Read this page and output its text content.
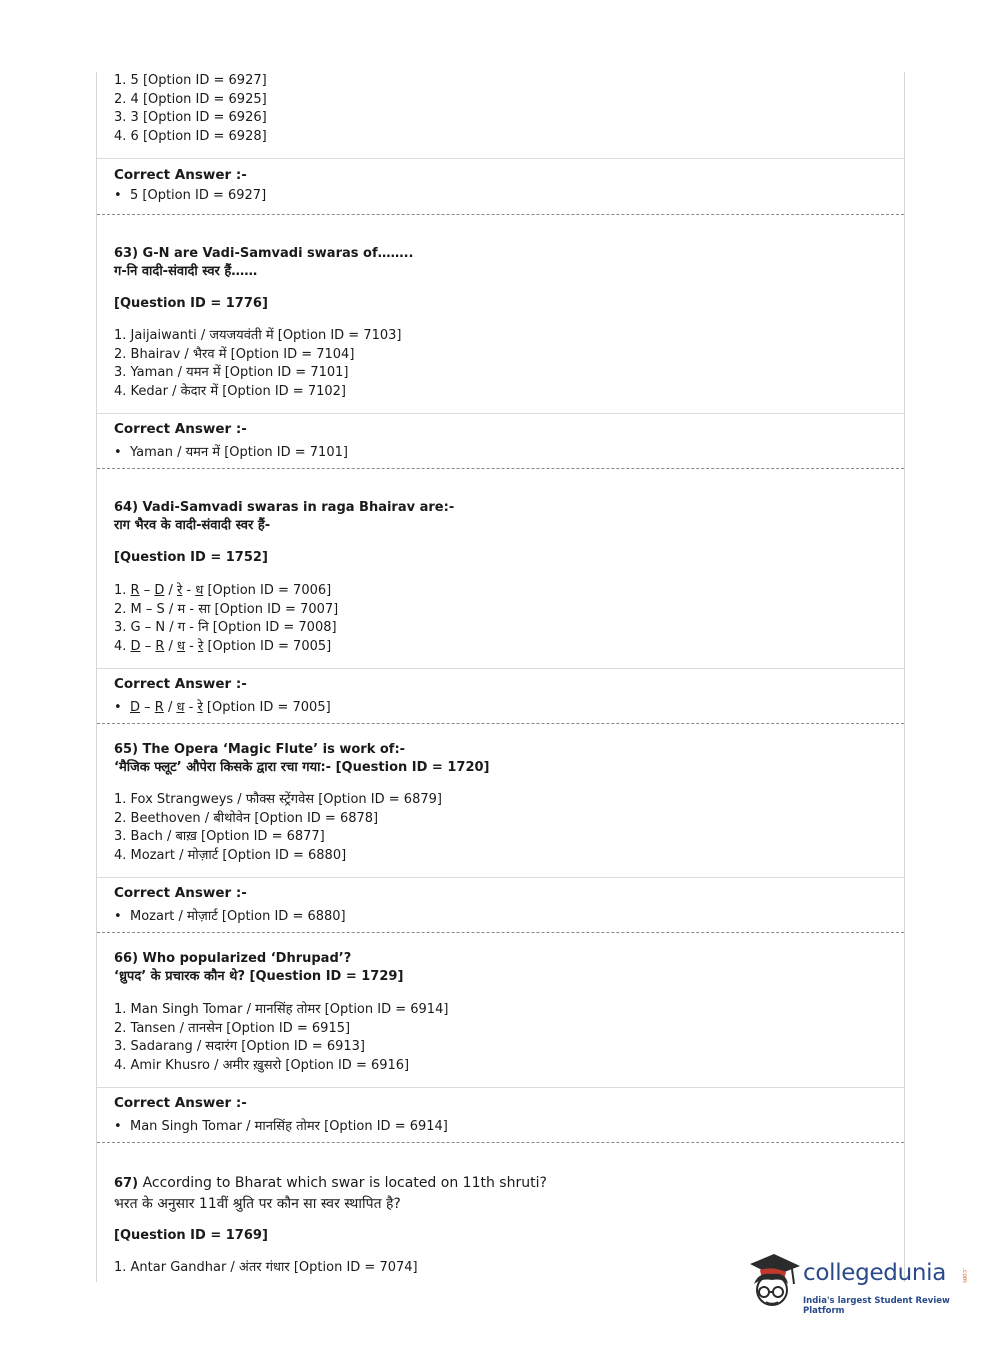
1. 5 [Option ID = 6927]
2. 4 [Option ID = 6925]
3. 3 [Option ID = 6926]
4. 6 [Option ID = 6928]
Correct Answer :-
• 5 [Option ID = 6927]
63) G-N are Vadi-Samvadi swaras of……..
ग-नि वादी-संवादी स्वर हैं……
[Question ID = 1776]
1. Jaijaiwanti / जयजयवंती में [Option ID = 7103]
2. Bhairav / भैरव में [Option ID = 7104]
3. Yaman / यमन में [Option ID = 7101]
4. Kedar / केदार में [Option ID = 7102]
Correct Answer :-
• Yaman / यमन में [Option ID = 7101]
64) Vadi-Samvadi swaras in raga Bhairav are:-
राग भैरव के वादी-संवादी स्वर हैं-
[Question ID = 1752]
1. R – D / रे - ध [Option ID = 7006]
2. M – S / म - सा [Option ID = 7007]
3. G – N / ग - नि [Option ID = 7008]
4. D – R / ध - रे [Option ID = 7005]
Correct Answer :-
• D – R / ध - रे [Option ID = 7005]
65) The Opera ‘Magic Flute’ is work of:-
‘मैजिक फ्लूट’ औपेरा किसके द्वारा रचा गया:- [Question ID = 1720]
1. Fox Strangweys / फौक्स स्ट्रेंगवेस [Option ID = 6879]
2. Beethoven / बीथोवेन [Option ID = 6878]
3. Bach / बाख़ [Option ID = 6877]
4. Mozart / मोज़ार्ट [Option ID = 6880]
Correct Answer :-
• Mozart / मोज़ार्ट [Option ID = 6880]
66) Who popularized ‘Dhrupad’?
‘ध्रुपद’ के प्रचारक कौन थे? [Question ID = 1729]
1. Man Singh Tomar / मानसिंह तोमर [Option ID = 6914]
2. Tansen / तानसेन [Option ID = 6915]
3. Sadarang / सदारंग [Option ID = 6913]
4. Amir Khusro / अमीर ख़ुसरो [Option ID = 6916]
Correct Answer :-
• Man Singh Tomar / मानसिंह तोमर [Option ID = 6914]
67) According to Bharat which swar is located on 11th shruti?
भरत के अनुसार 11वीं श्रुति पर कौन सा स्वर स्थापित है?
[Question ID = 1769]
1. Antar Gandhar / अंतर गंधार [Option ID = 7074]	collegedunia .com
India's largest Student Review Platform
